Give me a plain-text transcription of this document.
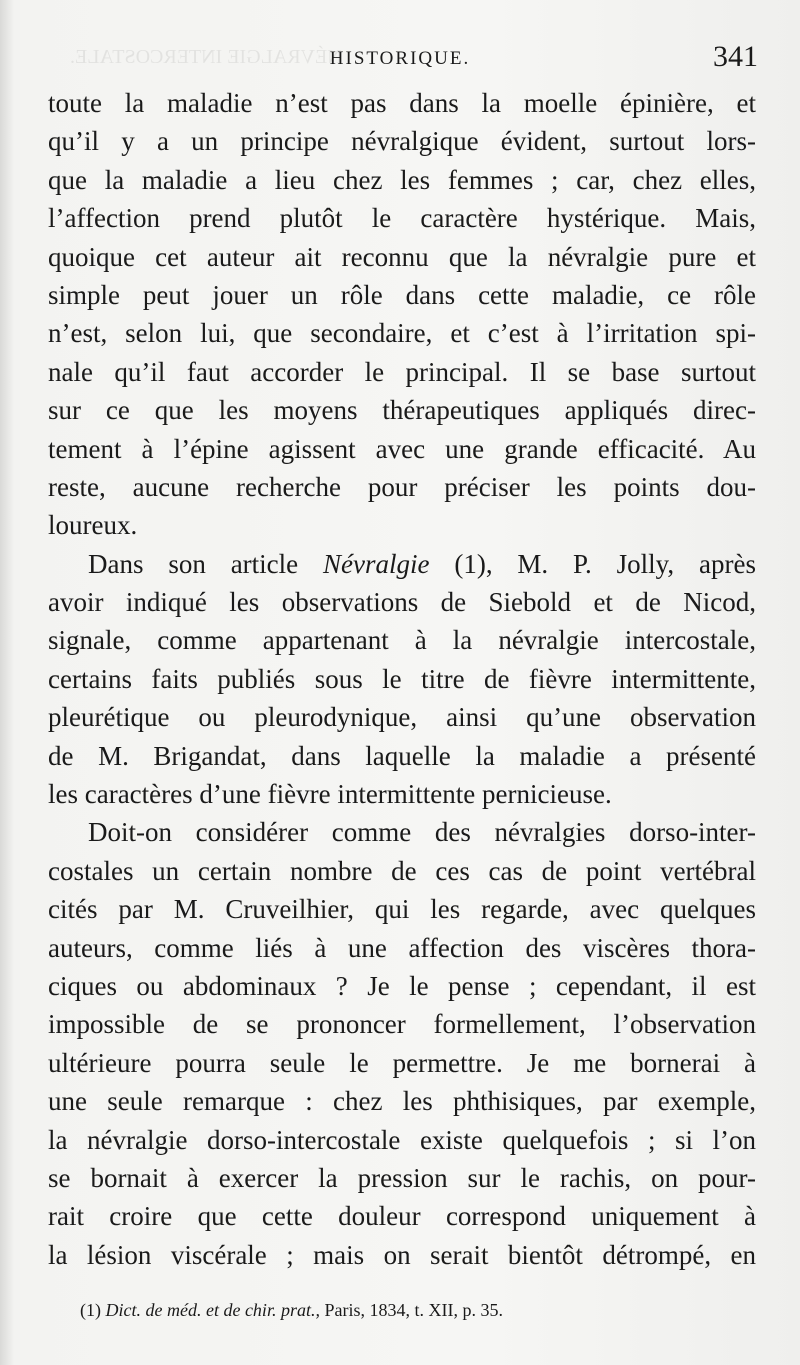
NÉVRALGIE INTERCOSTALE.
HISTORIQUE.	341
toute la maladie n’est pas dans la moelle épinière, et
qu’il y a un principe névralgique évident, surtout lors-
que la maladie a lieu chez les femmes ; car, chez elles,
l’affection prend plutôt le caractère hystérique. Mais,
quoique cet auteur ait reconnu que la névralgie pure et
simple peut jouer un rôle dans cette maladie, ce rôle
n’est, selon lui, que secondaire, et c’est à l’irritation spi-
nale qu’il faut accorder le principal. Il se base surtout
sur ce que les moyens thérapeutiques appliqués direc-
tement à l’épine agissent avec une grande efficacité. Au
reste, aucune recherche pour préciser les points dou-
loureux.
Dans son article Névralgie (1), M. P. Jolly, après
avoir indiqué les observations de Siebold et de Nicod,
signale, comme appartenant à la névralgie intercostale,
certains faits publiés sous le titre de fièvre intermittente,
pleurétique ou pleurodynique, ainsi qu’une observation
de M. Brigandat, dans laquelle la maladie a présenté
les caractères d’une fièvre intermittente pernicieuse.
Doit-on considérer comme des névralgies dorso-inter-
costales un certain nombre de ces cas de point vertébral
cités par M. Cruveilhier, qui les regarde, avec quelques
auteurs, comme liés à une affection des viscères thora-
ciques ou abdominaux ? Je le pense ; cependant, il est
impossible de se prononcer formellement, l’observation
ultérieure pourra seule le permettre. Je me bornerai à
une seule remarque : chez les phthisiques, par exemple,
la névralgie dorso-intercostale existe quelquefois ; si l’on
se bornait à exercer la pression sur le rachis, on pour-
rait croire que cette douleur correspond uniquement à
la lésion viscérale ; mais on serait bientôt détrompé, en
(1) Dict. de méd. et de chir. prat., Paris, 1834, t. XII, p. 35.
